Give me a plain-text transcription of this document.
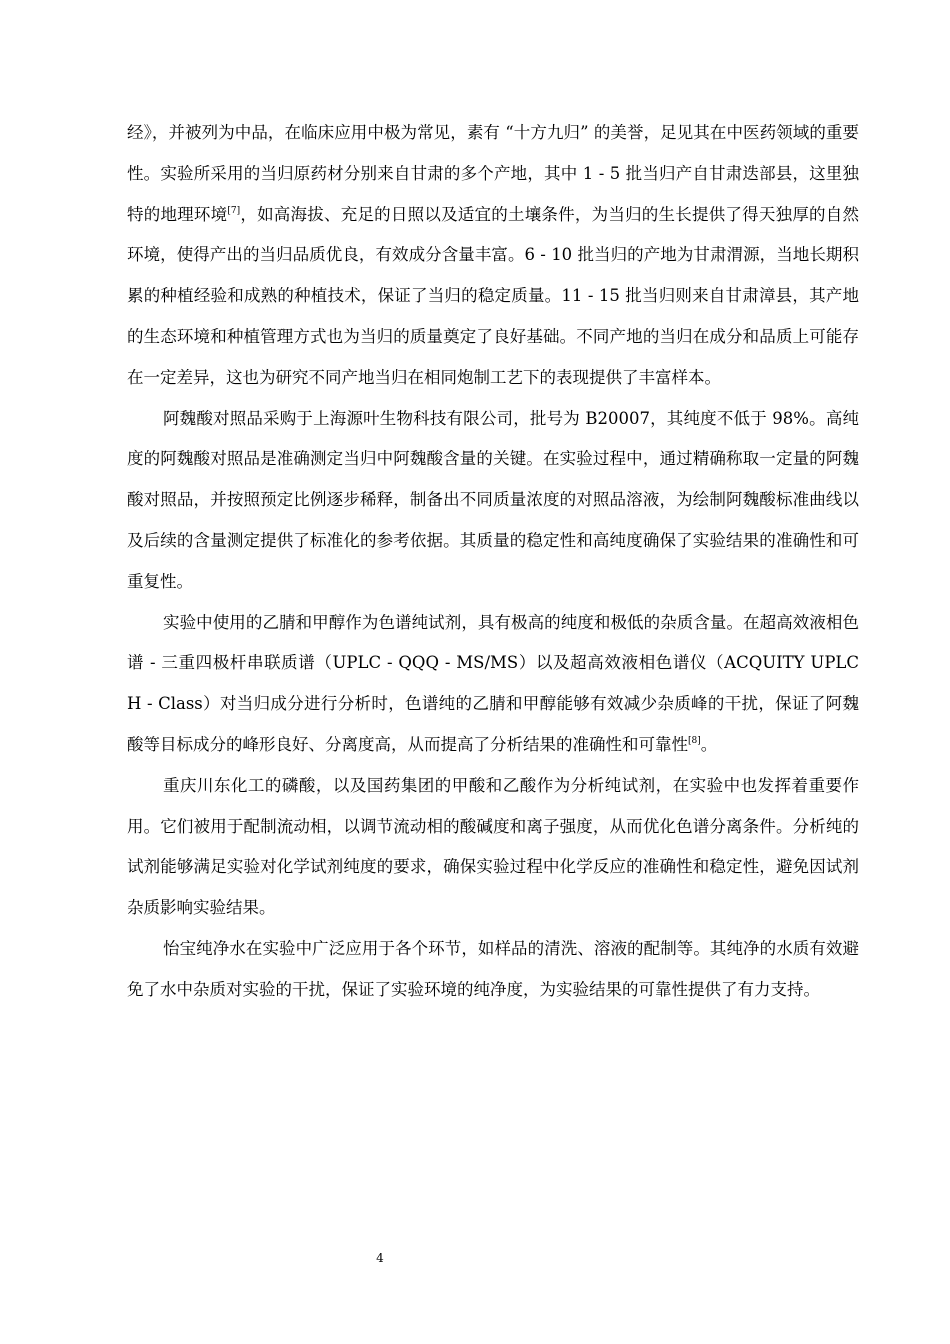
经》，并被列为中品，在临床应用中极为常见，素有 “十方九归” 的美誉，足见其在中医药领域的重要性。实验所采用的当归原药材分别来自甘肃的多个产地，其中 1 - 5 批当归产自甘肃迭部县，这里独特的地理环境[7]，如高海拔、充足的日照以及适宜的土壤条件，为当归的生长提供了得天独厚的自然环境，使得产出的当归品质优良，有效成分含量丰富。6 - 10 批当归的产地为甘肃渭源，当地长期积累的种植经验和成熟的种植技术，保证了当归的稳定质量。11 - 15 批当归则来自甘肃漳县，其产地的生态环境和种植管理方式也为当归的质量奠定了良好基础。不同产地的当归在成分和品质上可能存在一定差异，这也为研究不同产地当归在相同炮制工艺下的表现提供了丰富样本。

阿魏酸对照品采购于上海源叶生物科技有限公司，批号为 B20007，其纯度不低于 98%。高纯度的阿魏酸对照品是准确测定当归中阿魏酸含量的关键。在实验过程中，通过精确称取一定量的阿魏酸对照品，并按照预定比例逐步稀释，制备出不同质量浓度的对照品溶液，为绘制阿魏酸标准曲线以及后续的含量测定提供了标准化的参考依据。其质量的稳定性和高纯度确保了实验结果的准确性和可重复性。

实验中使用的乙腈和甲醇作为色谱纯试剂，具有极高的纯度和极低的杂质含量。在超高效液相色谱 - 三重四极杆串联质谱（UPLC - QQQ - MS/MS）以及超高效液相色谱仪（ACQUITY UPLC H - Class）对当归成分进行分析时，色谱纯的乙腈和甲醇能够有效减少杂质峰的干扰，保证了阿魏酸等目标成分的峰形良好、分离度高，从而提高了分析结果的准确性和可靠性[8]。

重庆川东化工的磷酸，以及国药集团的甲酸和乙酸作为分析纯试剂，在实验中也发挥着重要作用。它们被用于配制流动相，以调节流动相的酸碱度和离子强度，从而优化色谱分离条件。分析纯的试剂能够满足实验对化学试剂纯度的要求，确保实验过程中化学反应的准确性和稳定性，避免因试剂杂质影响实验结果。

怡宝纯净水在实验中广泛应用于各个环节，如样品的清洗、溶液的配制等。其纯净的水质有效避免了水中杂质对实验的干扰，保证了实验环境的纯净度，为实验结果的可靠性提供了有力支持。

4
